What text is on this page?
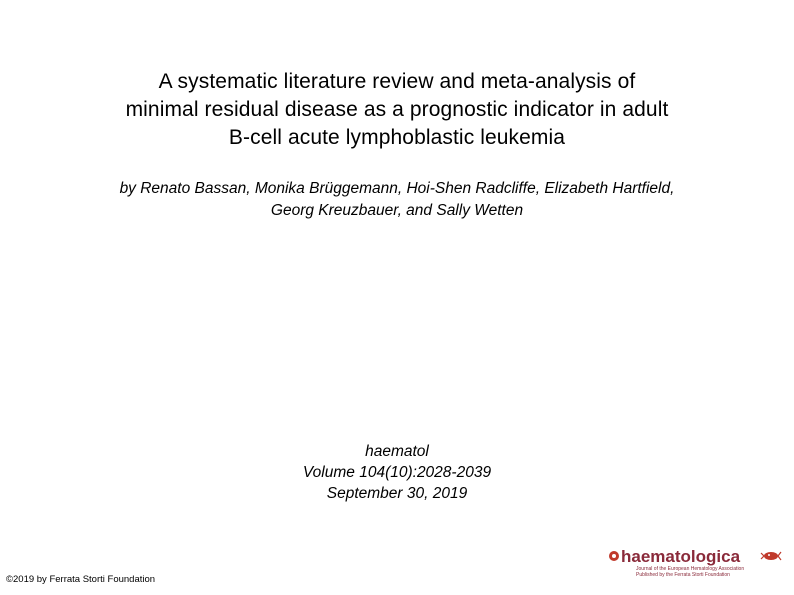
A systematic literature review and meta-analysis of
minimal residual disease as a prognostic indicator in adult
B-cell acute lymphoblastic leukemia
by Renato Bassan, Monika Brüggemann, Hoi-Shen Radcliffe, Elizabeth Hartfield,
Georg Kreuzbauer, and Sally Wetten
haematol
Volume 104(10):2028-2039
September 30, 2019
©2019 by Ferrata Storti Foundation
haematologica
Journal of the European Hematology Association
Published by the Ferrata Storti Foundation
